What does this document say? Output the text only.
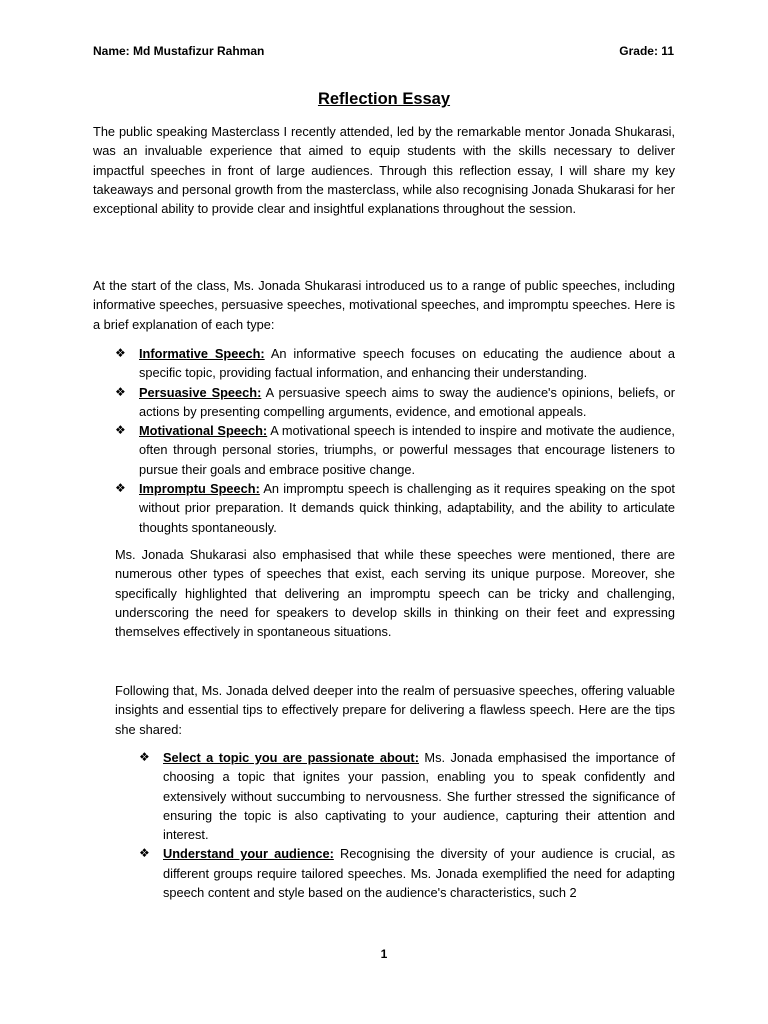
Name: Md Mustafizur Rahman	Grade: 11
Reflection Essay

The public speaking Masterclass I recently attended, led by the remarkable mentor Jonada Shukarasi, was an invaluable experience that aimed to equip students with the skills necessary to deliver impactful speeches in front of large audiences. Through this reflection essay, I will share my key takeaways and personal growth from the masterclass, while also recognising Jonada Shukarasi for her exceptional ability to provide clear and insightful explanations throughout the session.

At the start of the class, Ms. Jonada Shukarasi introduced us to a range of public speeches, including informative speeches, persuasive speeches, motivational speeches, and impromptu speeches. Here is a brief explanation of each type:

❖	Informative Speech: An informative speech focuses on educating the audience about a specific topic, providing factual information, and enhancing their understanding.
❖	Persuasive Speech: A persuasive speech aims to sway the audience's opinions, beliefs, or actions by presenting compelling arguments, evidence, and emotional appeals.
❖	Motivational Speech: A motivational speech is intended to inspire and motivate the audience, often through personal stories, triumphs, or powerful messages that encourage listeners to pursue their goals and embrace positive change.
❖	Impromptu Speech: An impromptu speech is challenging as it requires speaking on the spot without prior preparation. It demands quick thinking, adaptability, and the ability to articulate thoughts spontaneously.

Ms. Jonada Shukarasi also emphasised that while these speeches were mentioned, there are numerous other types of speeches that exist, each serving its unique purpose. Moreover, she specifically highlighted that delivering an impromptu speech can be tricky and challenging, underscoring the need for speakers to develop skills in thinking on their feet and expressing themselves effectively in spontaneous situations.

Following that, Ms. Jonada delved deeper into the realm of persuasive speeches, offering valuable insights and essential tips to effectively prepare for delivering a flawless speech. Here are the tips she shared:

❖	Select a topic you are passionate about: Ms. Jonada emphasised the importance of choosing a topic that ignites your passion, enabling you to speak confidently and extensively without succumbing to nervousness. She further stressed the significance of ensuring the topic is also captivating to your audience, capturing their attention and interest.
❖	Understand your audience: Recognising the diversity of your audience is crucial, as different groups require tailored speeches. Ms. Jonada exemplified the need for adapting speech content and style based on the audience's characteristics, such 2
1
